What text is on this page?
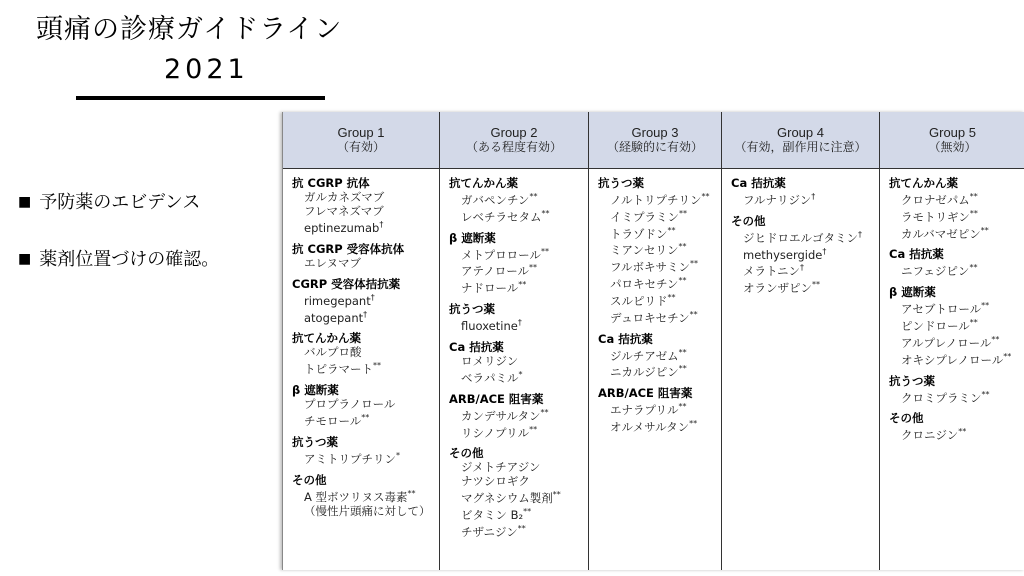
頭痛の診療ガイドライン
2021
■ 予防薬のエビデンス
■ 薬剤位置づけの確認。
Group 1
（有効）
抗 CGRP 抗体
ガルカネズマブ
フレマネズマブ
eptinezumab†
抗 CGRP 受容体抗体
エレヌマブ
CGRP 受容体拮抗薬
rimegepant†
atogepant†
抗てんかん薬
バルプロ酸
トピラマート**
β 遮断薬
プロプラノロール
チモロール**
抗うつ薬
アミトリプチリン*
その他
A 型ボツリヌス毒素**
（慢性片頭痛に対して）
Group 2
（ある程度有効）
抗てんかん薬
ガバペンチン**
レベチラセタム**
β 遮断薬
メトプロロール**
アテノロール**
ナドロール**
抗うつ薬
fluoxetine†
Ca 拮抗薬
ロメリジン
ベラパミル*
ARB/ACE 阻害薬
カンデサルタン**
リシノプリル**
その他
ジメトチアジン
ナツシロギク
マグネシウム製剤**
ビタミン B₂**
チザニジン**
Group 3
（経験的に有効）
抗うつ薬
ノルトリプチリン**
イミプラミン**
トラゾドン**
ミアンセリン**
フルボキサミン**
パロキセチン**
スルピリド**
デュロキセチン**
Ca 拮抗薬
ジルチアゼム**
ニカルジピン**
ARB/ACE 阻害薬
エナラプリル**
オルメサルタン**
Group 4
（有効，副作用に注意）
Ca 拮抗薬
フルナリジン†
その他
ジヒドロエルゴタミン†
methysergide†
メラトニン†
オランザピン**
Group 5
（無効）
抗てんかん薬
クロナゼパム**
ラモトリギン**
カルバマゼピン**
Ca 拮抗薬
ニフェジピン**
β 遮断薬
アセブトロール**
ピンドロール**
アルプレノロール**
オキシプレノロール**
抗うつ薬
クロミプラミン**
その他
クロニジン**
